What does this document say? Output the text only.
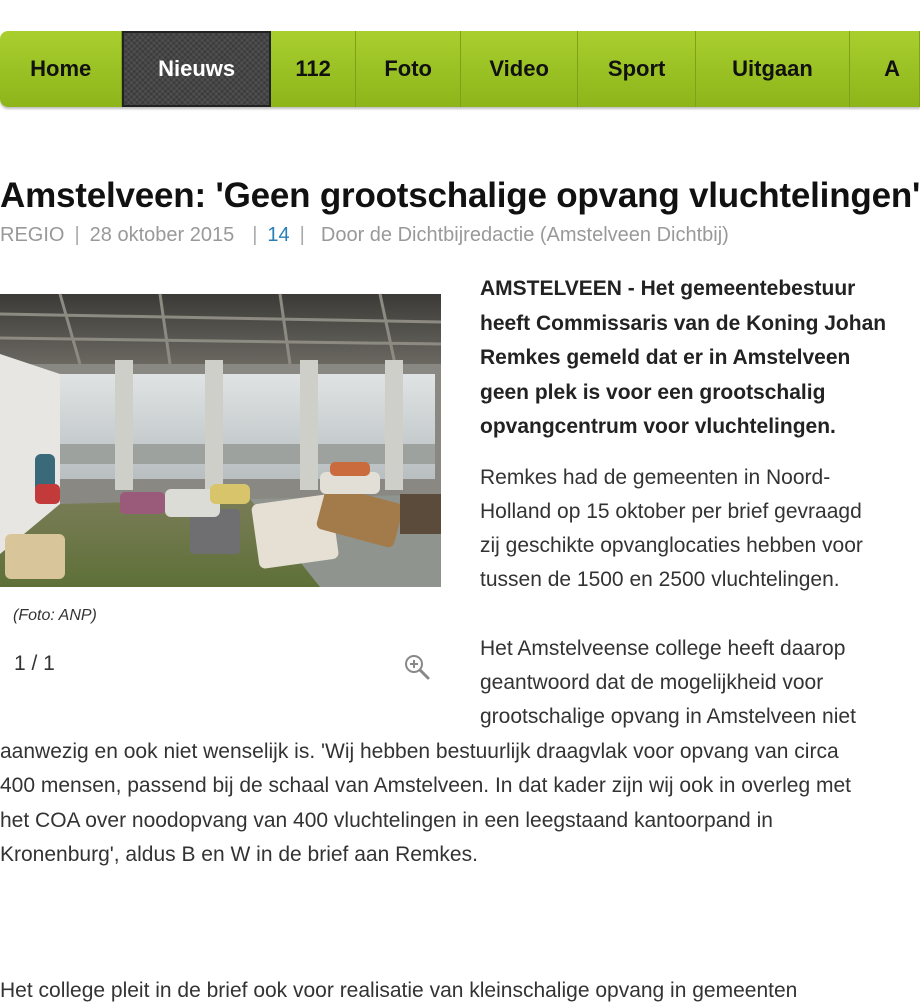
Home	Nieuws	112	Foto	Video	Sport	Uitgaan	A
Amstelveen: 'Geen grootschalige opvang vluchtelingen'
REGIO | 28 oktober 2015 | 14 | Door de Dichtbijredactie (Amstelveen Dichtbij)
(Foto: ANP)
1 / 1
AMSTELVEEN - Het gemeentebestuur
heeft Commissaris van de Koning Johan
Remkes gemeld dat er in Amstelveen
geen plek is voor een grootschalig
opvangcentrum voor vluchtelingen.
Remkes had de gemeenten in Noord-
Holland op 15 oktober per brief gevraagd
zij geschikte opvanglocaties hebben voor
tussen de 1500 en 2500 vluchtelingen.
Het Amstelveense college heeft daarop
geantwoord dat de mogelijkheid voor
grootschalige opvang in Amstelveen niet
aanwezig en ook niet wenselijk is. 'Wij hebben bestuurlijk draagvlak voor opvang van circa
400 mensen, passend bij de schaal van Amstelveen. In dat kader zijn wij ook in overleg met
het COA over noodopvang van 400 vluchtelingen in een leegstaand kantoorpand in
Kronenburg', aldus B en W in de brief aan Remkes.
Het college pleit in de brief ook voor realisatie van kleinschalige opvang in gemeenten
